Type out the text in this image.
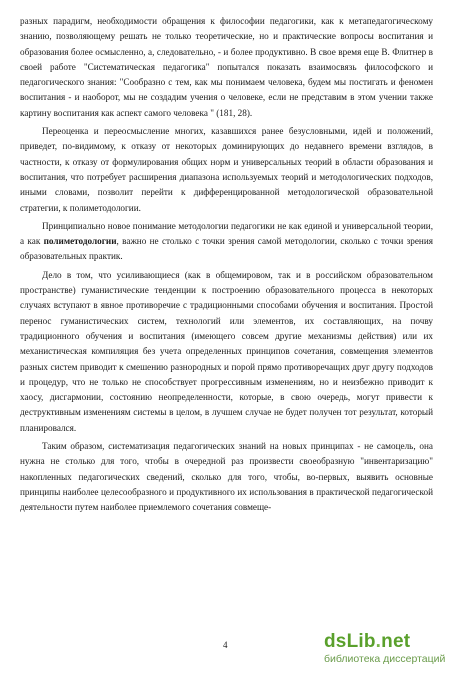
разных парадигм, необходимости обращения к философии педагогики, как к метапедагогическому знанию, позволяющему решать не только теоретические, но и практические вопросы воспитания и образования более осмысленно, а, следовательно, - и более продуктивно. В свое время еще В. Флитнер в своей работе "Систематическая педагогика" попытался показать взаимосвязь философского и педагогического знания: "Сообразно с тем, как мы понимаем человека, будем мы постигать и феномен воспитания - и наоборот, мы не создадим учения о человеке, если не представим в этом учении также картину воспитания как аспект самого человека " (181, 28).

Переоценка и переосмысление многих, казавшихся ранее безусловными, идей и положений, приведет, по-видимому, к отказу от некоторых доминирующих до недавнего времени взглядов, в частности, к отказу от формулирования общих норм и универсальных теорий в области образования и воспитания, что потребует расширения диапазона используемых теорий и методологических подходов, иными словами, позволит перейти к дифференцированной методологической образовательной стратегии, к полиметодологии.

Принципиально новое понимание методологии педагогики не как единой и универсальной теории, а как полиметодологии, важно не столько с точки зрения самой методологии, сколько с точки зрения образовательных практик.

Дело в том, что усиливающиеся (как в общемировом, так и в российском образовательном пространстве) гуманистические тенденции к построению образовательного процесса в некоторых случаях вступают в явное противоречие с традиционными способами обучения и воспитания. Простой перенос гуманистических систем, технологий или элементов, их составляющих, на почву традиционного обучения и воспитания (имеющего совсем другие механизмы действия) или их механистическая компиляция без учета определенных принципов сочетания, совмещения элементов разных систем приводит к смешению разнородных и порой прямо противоречащих друг другу подходов и процедур, что не только не способствует прогрессивным изменениям, но и неизбежно приводит к хаосу, дисгармонии, состоянию неопределенности, которые, в свою очередь, могут привести к деструктивным изменениям системы в целом, в лучшем случае не будет получен тот результат, который планировался.

Таким образом, систематизация педагогических знаний на новых принципах - не самоцель, она нужна не столько для того, чтобы в очередной раз произвести своеобразную "инвентаризацию" накопленных педагогических сведений, сколько для того, чтобы, во-первых, выявить основные принципы наиболее целесообразного и продуктивного их использования в практической педагогической деятельности путем наиболее приемлемого сочетания совмеще-

4	dsLib.net
библиотека диссертаций
